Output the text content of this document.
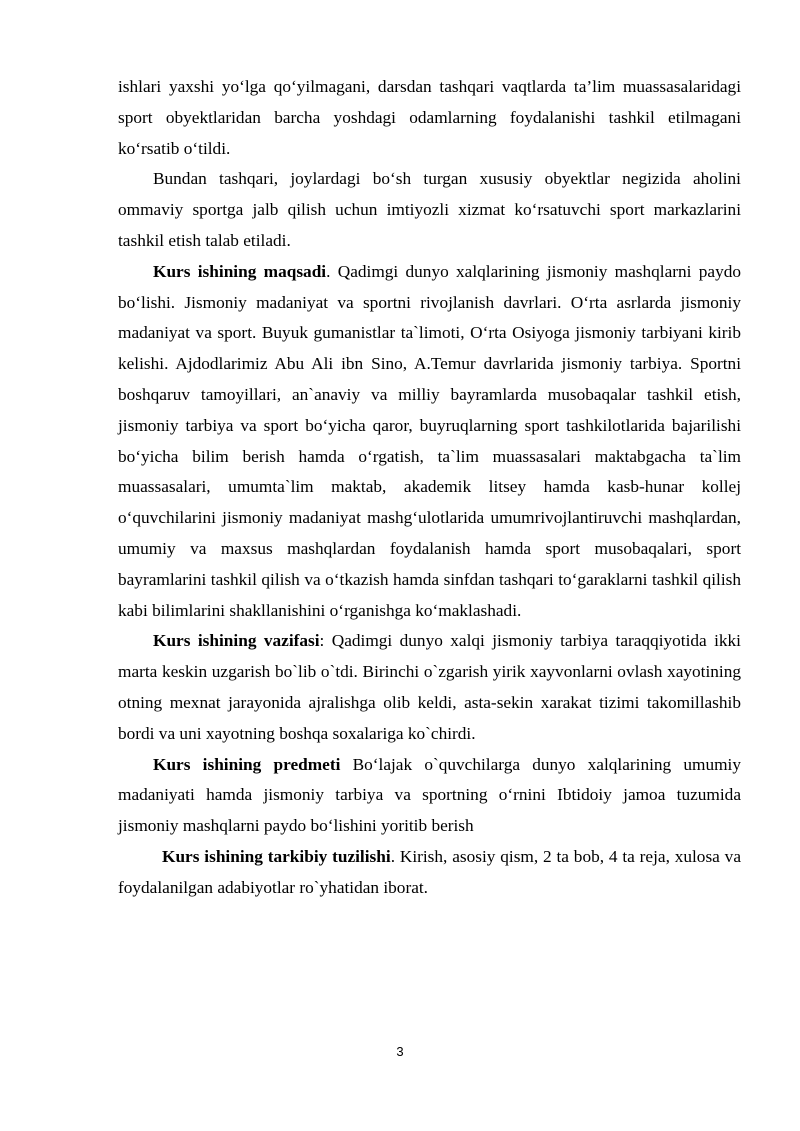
ishlari yaxshi yo‘lga qo‘yilmagani, darsdan tashqari vaqtlarda ta’lim muassasalaridagi sport obyektlaridan barcha yoshdagi odamlarning foydalanishi tashkil etilmagani ko‘rsatib o‘tildi.

Bundan tashqari, joylardagi bo‘sh turgan xususiy obyektlar negizida aholini ommaviy sportga jalb qilish uchun imtiyozli xizmat ko‘rsatuvchi sport markazlarini tashkil etish talab etiladi.

Kurs ishining maqsadi. Qadimgi dunyo xalqlarining jismoniy mashqlarni paydo bo‘lishi. Jismoniy madaniyat va sportni rivojlanish davrlari. O‘rta asrlarda jismoniy madaniyat va sport. Buyuk gumanistlar ta`limoti, O‘rta Osiyoga jismoniy tarbiyani kirib kelishi. Ajdodlarimiz Abu Ali ibn Sino, A.Temur davrlarida jismoniy tarbiya. Sportni boshqaruv tamoyillari, an`anaviy va milliy bayramlarda musobaqalar tashkil etish, jismoniy tarbiya va sport bo‘yicha qaror, buyruqlarning sport tashkilotlarida bajarilishi bo‘yicha bilim berish hamda o‘rgatish, ta`lim muassasalari maktabgacha ta`lim muassasalari, umumta`lim maktab, akademik litsey hamda kasb-hunar kollej o‘quvchilarini jismoniy madaniyat mashg‘ulotlarida umumrivojlantiruvchi mashqlardan, umumiy va maxsus mashqlardan foydalanish hamda sport musobaqalari, sport bayramlarini tashkil qilish va o‘tkazish hamda sinfdan tashqari to‘garaklarni tashkil qilish kabi bilimlarini shakllanishini o‘rganishga ko‘maklashadi.

Kurs ishining vazifasi: Qadimgi dunyo xalqi jismoniy tarbiya taraqqiyotida ikki marta keskin uzgarish bo`lib o`tdi. Birinchi o`zgarish yirik xayvonlarni ovlash xayotining otning mexnat jarayonida ajralishga olib keldi, asta-sekin xarakat tizimi takomillashib bordi va uni xayotning boshqa soxalariga ko`chirdi.

Kurs ishining predmeti Bo‘lajak o`quvchilarga dunyo xalqlarining umumiy madaniyati hamda jismoniy tarbiya va sportning o‘rnini Ibtidoiy jamoa tuzumida jismoniy mashqlarni paydo bo‘lishini yoritib berish

Kurs ishining tarkibiy tuzilishi. Kirish, asosiy qism, 2 ta bob, 4 ta reja, xulosa va foydalanilgan adabiyotlar ro`yhatidan iborat.

3
